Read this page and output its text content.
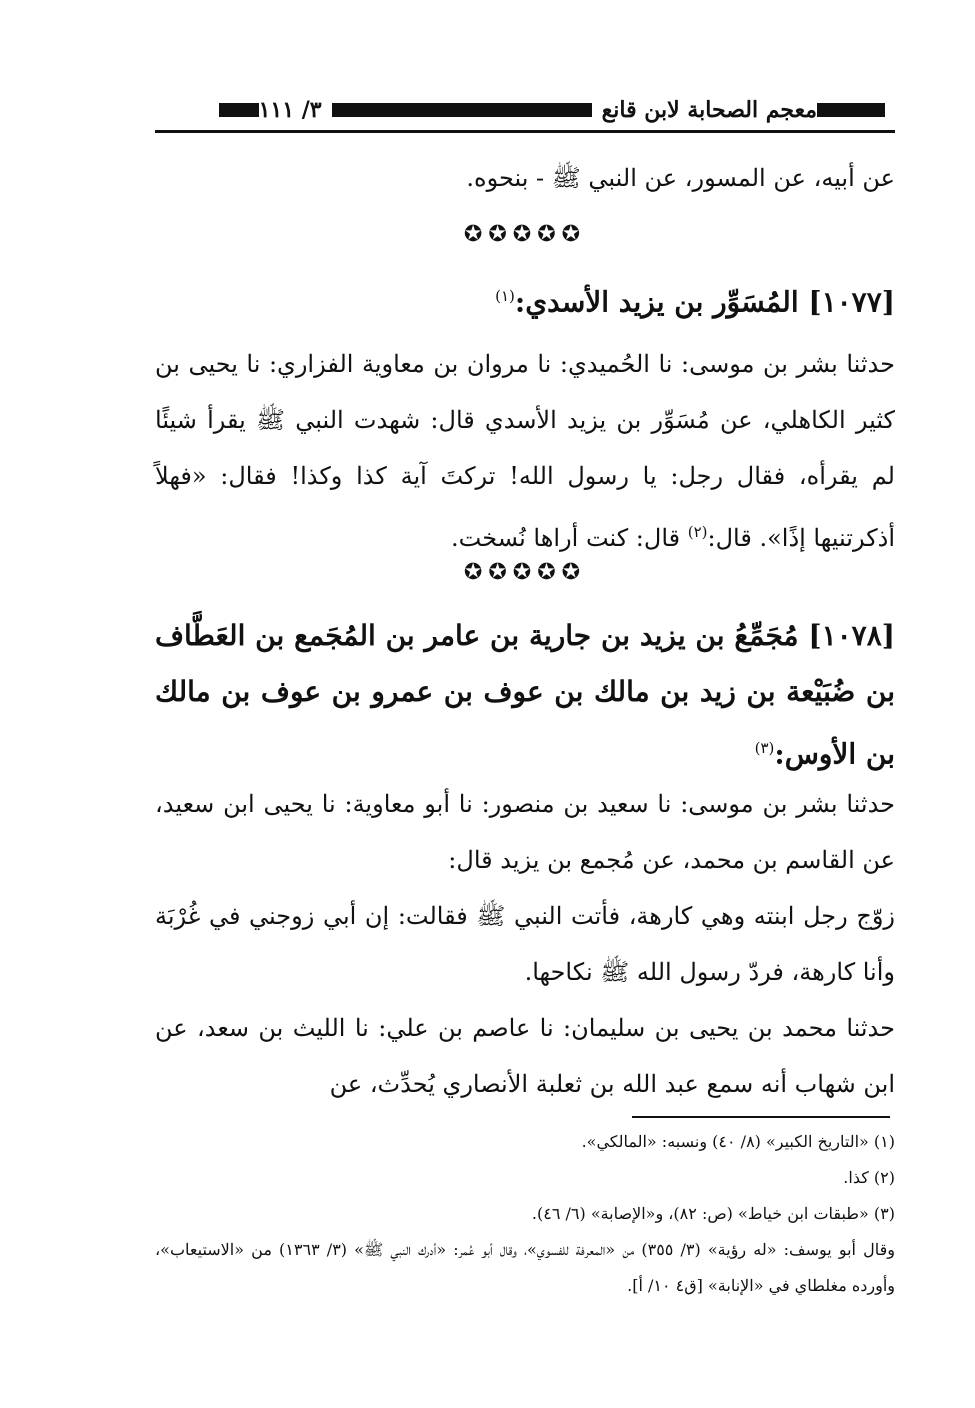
معجم الصحابة لابن قانع
٣/ ١١١

عن أبيه، عن المسور، عن النبي ﷺ - بنحوه.

✪✪✪✪✪
[١٠٧٧] المُسَوِّر بن يزيد الأسدي:$^{(١)}$

حدثنا بشر بن موسى: نا الحُميدي: نا مروان بن معاوية الفزاري: نا يحيى بن كثير الكاهلي، عن مُسَوِّر بن يزيد الأسدي قال: شهدت النبي ﷺ يقرأ شيئًا لم يقرأه، فقال رجل: يا رسول الله! تركتَ آية كذا وكذا! فقال: «فهلاً أذكرتنيها إذًا». قال:$^{(٢)}$ قال: كنت أراها نُسخت.

✪✪✪✪✪
[١٠٧٨] مُجَمِّعُ بن يزيد بن جارية بن عامر بن المُجَمع بن العَطَّاف بن ضُبَيْعة بن زيد بن مالك بن عوف بن عمرو بن عوف بن مالك بن الأوس:$^{(٣)}$

حدثنا بشر بن موسى: نا سعيد بن منصور: نا أبو معاوية: نا يحيى ابن سعيد، عن القاسم بن محمد، عن مُجمع بن يزيد قال:

زوّج رجل ابنته وهي كارهة، فأتت النبي ﷺ فقالت: إن أبي زوجني في غُرْبَة وأنا كارهة، فردّ رسول الله ﷺ نكاحها.

حدثنا محمد بن يحيى بن سليمان: نا عاصم بن علي: نا الليث بن سعد، عن ابن شهاب أنه سمع عبد الله بن ثعلبة الأنصاري يُحدِّث، عن

(١) «التاريخ الكبير» (٨/ ٤٠) ونسبه: «المالكي».

(٢) كذا.

(٣) «طبقات ابن خياط» (ص: ٨٢)، و«الإصابة» (٦/ ٤٦).

وقال أبو يوسف: «له رؤية» (٣/ ٣٥٥) من «المعرفة للفسوي»، وقال أبو عُمر: «أدرك النبي ﷺ» (٣/ ١٣٦٣) من «الاستيعاب»، وأورده مغلطاي في «الإنابة» [ق٤ ١٠/ أ].
